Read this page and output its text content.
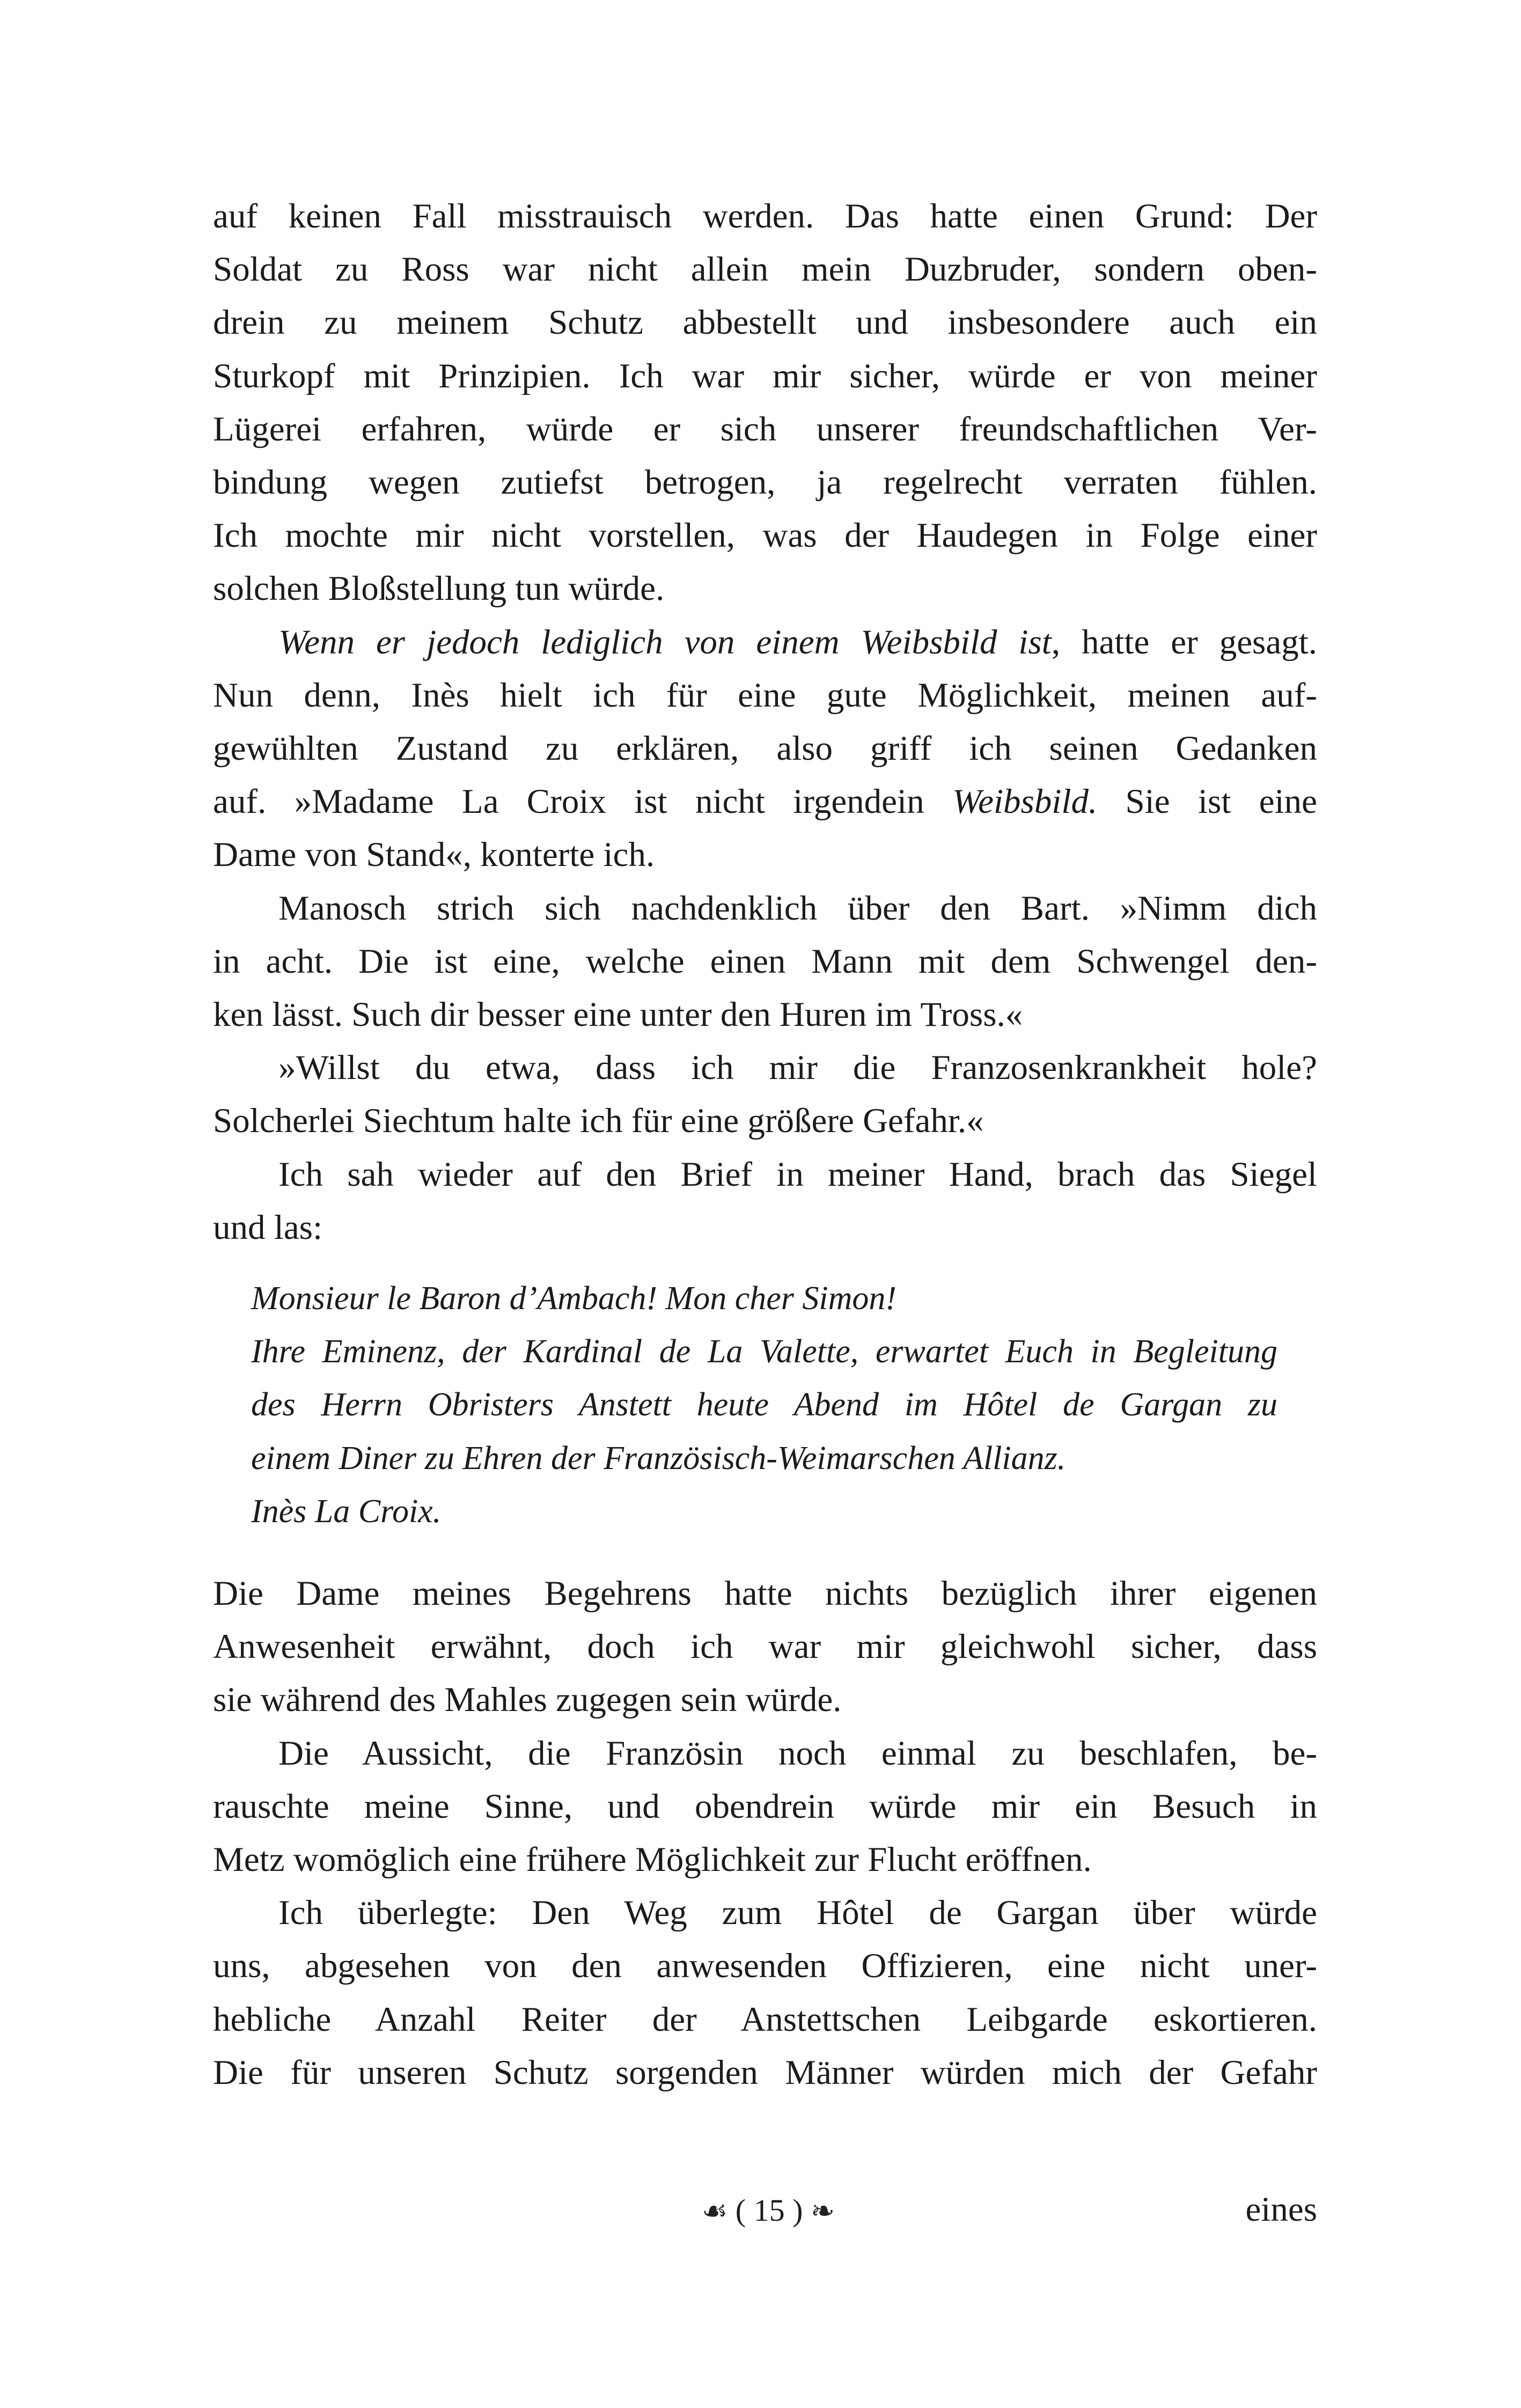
auf keinen Fall misstrauisch werden. Das hatte einen Grund: Der
Soldat zu Ross war nicht allein mein Duzbruder, sondern oben-
drein zu meinem Schutz abbestellt und insbesondere auch ein
Sturkopf mit Prinzipien. Ich war mir sicher, würde er von meiner
Lügerei erfahren, würde er sich unserer freundschaftlichen Ver-
bindung wegen zutiefst betrogen, ja regelrecht verraten fühlen.
Ich mochte mir nicht vorstellen, was der Haudegen in Folge einer
solchen Bloßstellung tun würde.
Wenn er jedoch lediglich von einem Weibsbild ist, hatte er gesagt.
Nun denn, Inès hielt ich für eine gute Möglichkeit, meinen auf-
gewühlten Zustand zu erklären, also griff ich seinen Gedanken
auf. »Madame La Croix ist nicht irgendein Weibsbild. Sie ist eine
Dame von Stand«, konterte ich.
Manosch strich sich nachdenklich über den Bart. »Nimm dich
in acht. Die ist eine, welche einen Mann mit dem Schwengel den-
ken lässt. Such dir besser eine unter den Huren im Tross.«
»Willst du etwa, dass ich mir die Franzosenkrankheit hole?
Solcherlei Siechtum halte ich für eine größere Gefahr.«
Ich sah wieder auf den Brief in meiner Hand, brach das Siegel
und las:
Monsieur le Baron d’Ambach! Mon cher Simon!
Ihre Eminenz, der Kardinal de La Valette, erwartet Euch in Begleitung
des Herrn Obristers Anstett heute Abend im Hôtel de Gargan zu
einem Diner zu Ehren der Französisch-Weimarschen Allianz.
Inès La Croix.
Die Dame meines Begehrens hatte nichts bezüglich ihrer eigenen
Anwesenheit erwähnt, doch ich war mir gleichwohl sicher, dass
sie während des Mahles zugegen sein würde.
Die Aussicht, die Französin noch einmal zu beschlafen, be-
rauschte meine Sinne, und obendrein würde mir ein Besuch in
Metz womöglich eine frühere Möglichkeit zur Flucht eröffnen.
Ich überlegte: Den Weg zum Hôtel de Gargan über würde
uns, abgesehen von den anwesenden Offizieren, eine nicht uner-
hebliche Anzahl Reiter der Anstettschen Leibgarde eskortieren.
Die für unseren Schutz sorgenden Männer würden mich der Gefahr
☙ ( 15 ) ❧	eines
